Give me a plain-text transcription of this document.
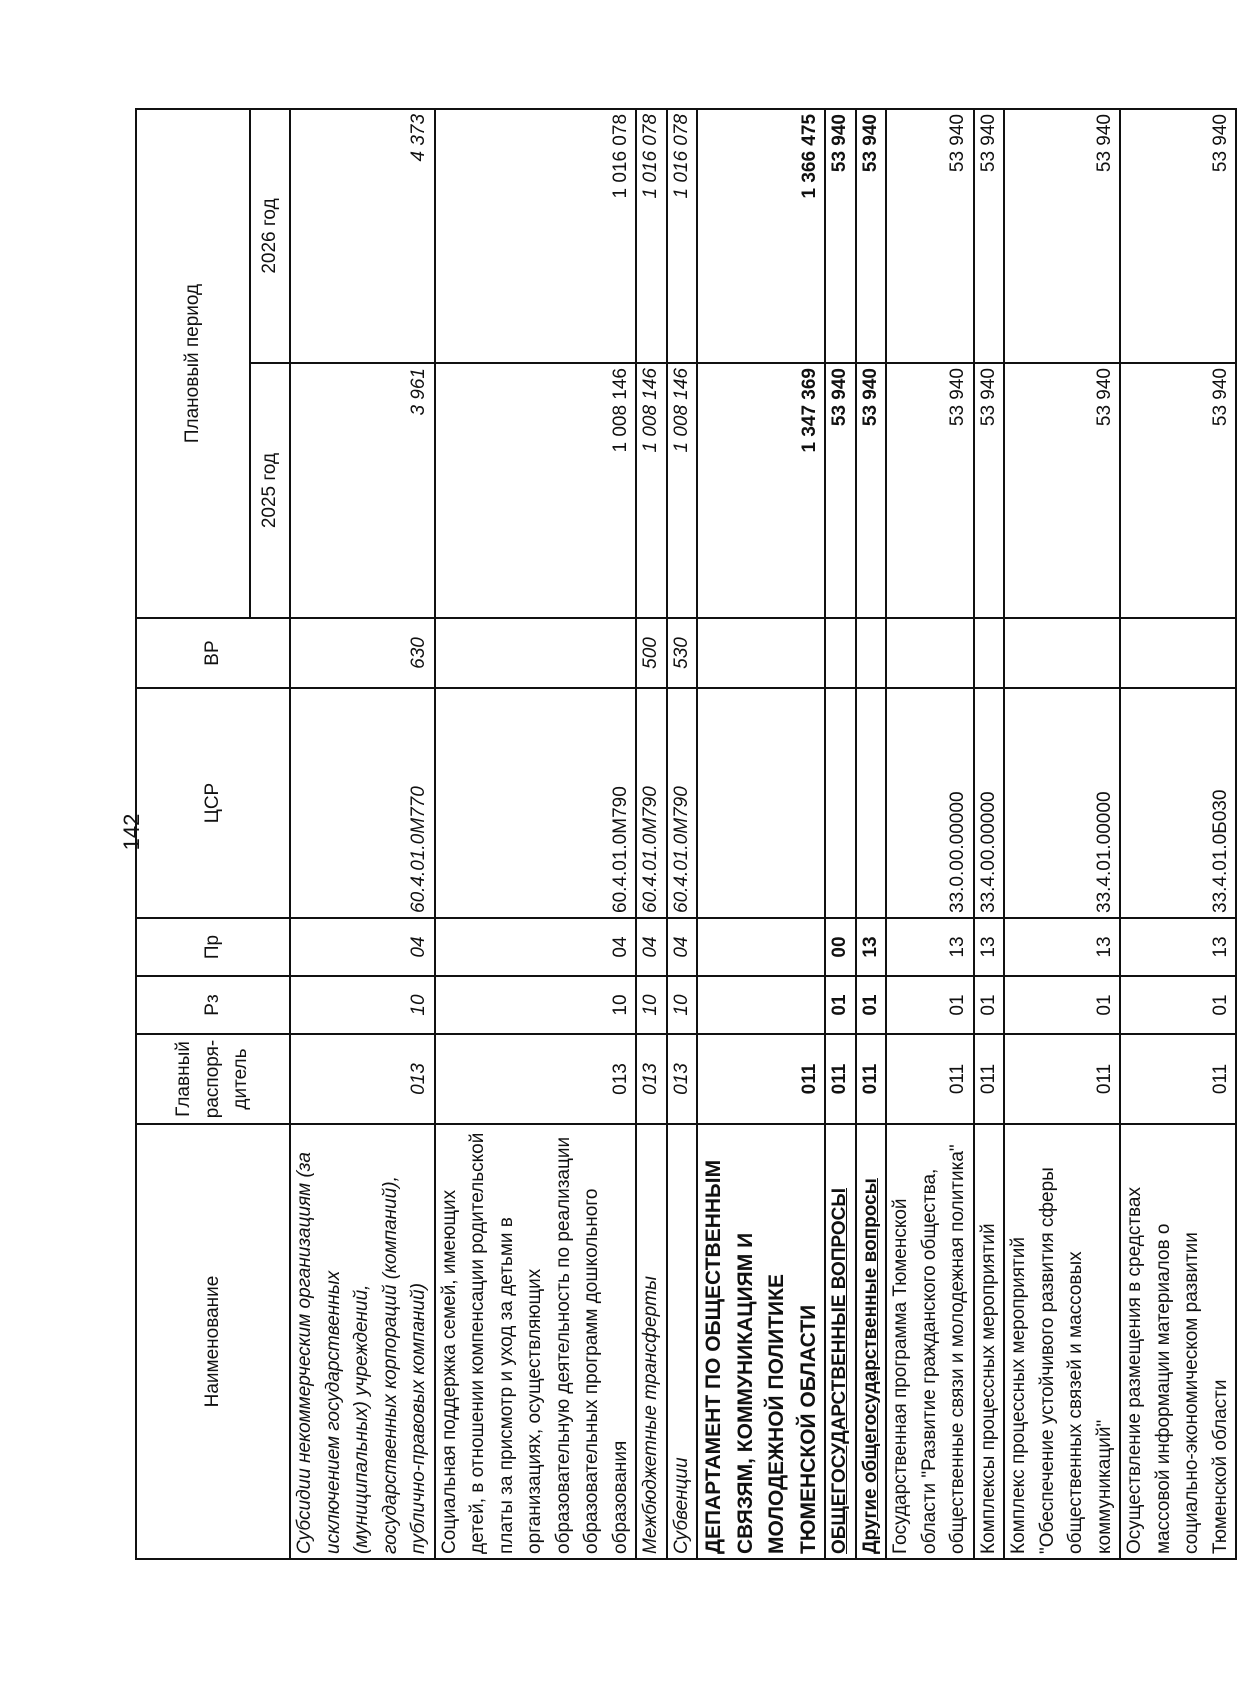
142
Наименование	Главный распоря-дитель	Рз	Пр	ЦСР	ВР	Плановый период	
						2025 год	2026 год
Субсидии некоммерческим организациям (за исключением государственных (муниципальных) учреждений, государственных корпораций (компаний), публично-правовых компаний)	013	10	04	60.4.01.0М770	630	3 961	4 373
Социальная поддержка семей, имеющих детей, в отношении компенсации родительской платы за присмотр и уход за детьми в организациях, осуществляющих образовательную деятельность по реализации образовательных программ дошкольного образования	013	10	04	60.4.01.0М790		1 008 146	1 016 078
Межбюджетные трансферты	013	10	04	60.4.01.0М790	500	1 008 146	1 016 078
Субвенции	013	10	04	60.4.01.0М790	530	1 008 146	1 016 078
ДЕПАРТАМЕНТ ПО ОБЩЕСТВЕННЫМ СВЯЗЯМ, КОММУНИКАЦИЯМ И МОЛОДЕЖНОЙ ПОЛИТИКЕ ТЮМЕНСКОЙ ОБЛАСТИ	011					1 347 369	1 366 475
ОБЩЕГОСУДАРСТВЕННЫЕ ВОПРОСЫ	011	01	00			53 940	53 940
Другие общегосударственные вопросы	011	01	13			53 940	53 940
Государственная программа Тюменской области "Развитие гражданского общества, общественные связи и молодежная политика"	011	01	13	33.0.00.00000		53 940	53 940
Комплексы процессных мероприятий	011	01	13	33.4.00.00000		53 940	53 940
Комплекс процессных мероприятий "Обеспечение устойчивого развития сферы общественных связей и массовых коммуникаций"	011	01	13	33.4.01.00000		53 940	53 940
Осуществление размещения в средствах массовой информации материалов о социально-экономическом развитии Тюменской области	011	01	13	33.4.01.0Б030		53 940	53 940
